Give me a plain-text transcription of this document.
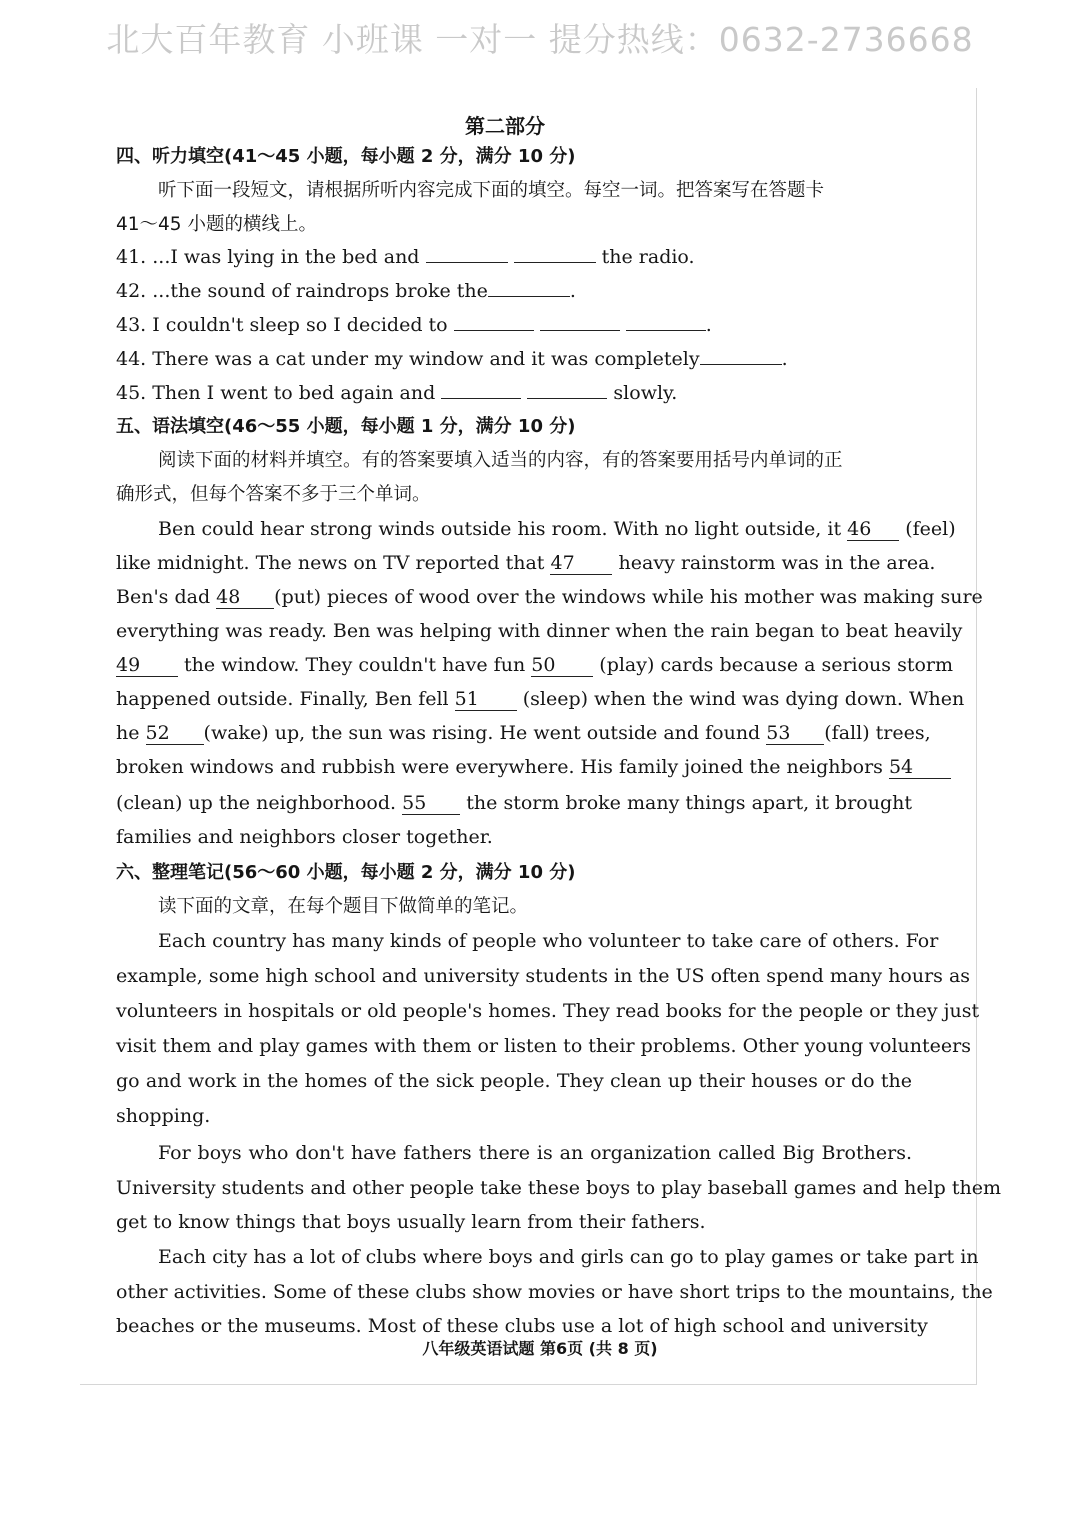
北大百年教育 小班课 一对一 提分热线：0632-2736668
第二部分
四、听力填空(41～45 小题，每小题 2 分，满分 10 分)
听下面一段短文，请根据所听内容完成下面的填空。每空一词。把答案写在答题卡
41～45 小题的横线上。
41. ...I was lying in the bed and	the radio.
42. ...the sound of raindrops broke the	.
43. I couldn't sleep so I decided to	.
44. There was a cat under my window and it was completely	.
45. Then I went to bed again and	slowly.
五、语法填空(46～55 小题，每小题 1 分，满分 10 分)
阅读下面的材料并填空。有的答案要填入适当的内容，有的答案要用括号内单词的正
确形式，但每个答案不多于三个单词。
Ben could hear strong winds outside his room. With no light outside, it 46 (feel)
like midnight. The news on TV reported that 47 heavy rainstorm was in the area.
Ben's dad 48 (put) pieces of wood over the windows while his mother was making sure
everything was ready. Ben was helping with dinner when the rain began to beat heavily
49 the window. They couldn't have fun 50 (play) cards because a serious storm
happened outside. Finally, Ben fell 51 (sleep) when the wind was dying down. When
he 52 (wake) up, the sun was rising. He went outside and found 53 (fall) trees,
broken windows and rubbish were everywhere. His family joined the neighbors 54
(clean) up the neighborhood. 55 the storm broke many things apart, it brought
families and neighbors closer together.
六、整理笔记(56～60 小题，每小题 2 分，满分 10 分)
读下面的文章，在每个题目下做简单的笔记。
Each country has many kinds of people who volunteer to take care of others. For
example, some high school and university students in the US often spend many hours as
volunteers in hospitals or old people's homes. They read books for the people or they just
visit them and play games with them or listen to their problems. Other young volunteers
go and work in the homes of the sick people. They clean up their houses or do the
shopping.
For boys who don't have fathers there is an organization called Big Brothers.
University students and other people take these boys to play baseball games and help them
get to know things that boys usually learn from their fathers.
Each city has a lot of clubs where boys and girls can go to play games or take part in
other activities. Some of these clubs show movies or have short trips to the mountains, the
beaches or the museums. Most of these clubs use a lot of high school and university
八年级英语试题 第6页 (共 8 页)
